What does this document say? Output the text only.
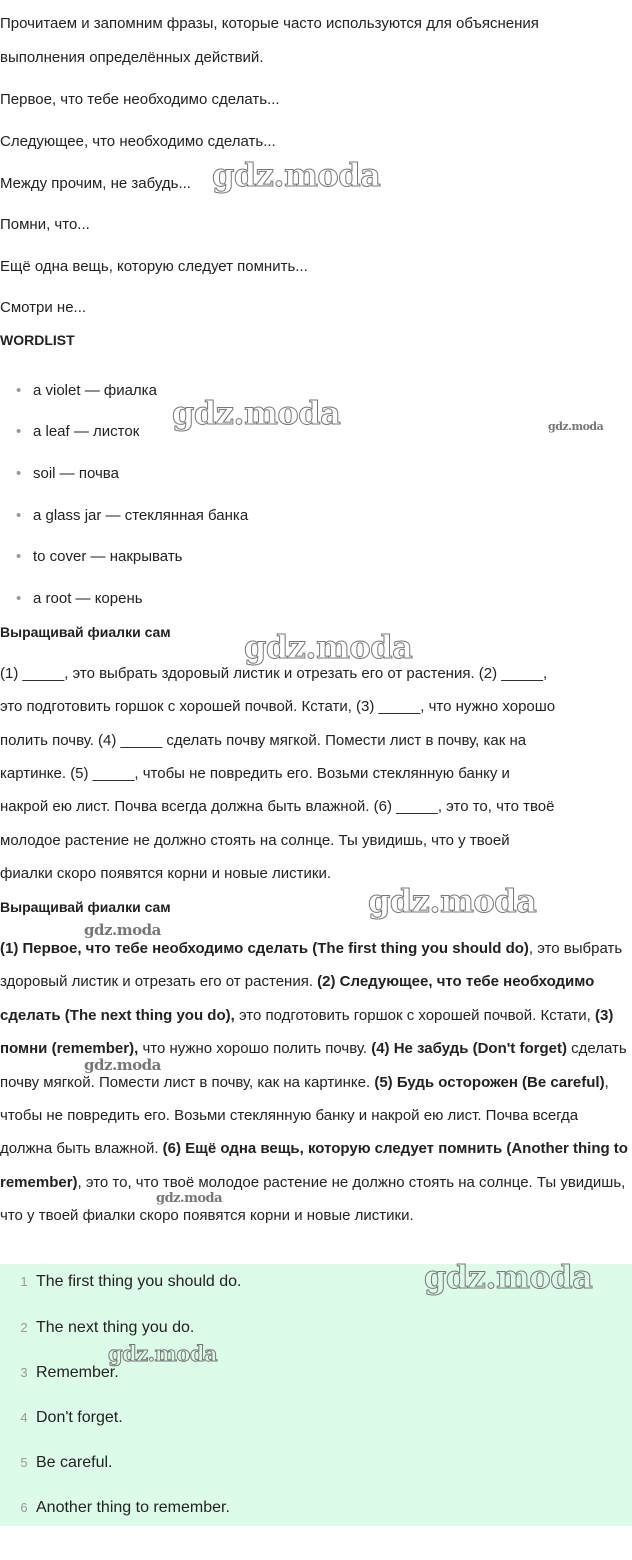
Прочитаем и запомним фразы, которые часто используются для объяснения

выполнения определённых действий.

Первое, что тебе необходимо сделать...

Следующее, что необходимо сделать...

Между прочим, не забудь...

Помни, что...

Ещё одна вещь, которую следует помнить...

Смотри не...

WORDLIST

• a violet — фиалка
• a leaf — листок
• soil — почва
• a glass jar — стеклянная банка
• to cover — накрывать
• a root — корень

Выращивай фиалки сам

(1) _____, это выбрать здоровый листик и отрезать его от растения. (2) _____,

это подготовить горшок с хорошей почвой. Кстати, (3) _____, что нужно хорошо

полить почву. (4) _____ сделать почву мягкой. Помести лист в почву, как на

картинке. (5) _____, чтобы не повредить его. Возьми стеклянную банку и

накрой ею лист. Почва всегда должна быть влажной. (6) _____, это то, что твоё

молодое растение не должно стоять на солнце. Ты увидишь, что у твоей

фиалки скоро появятся корни и новые листики.

Выращивай фиалки сам

(1) Первое, что тебе необходимо сделать (The first thing you should do), это выбрать здоровый листик и отрезать его от растения. (2) Следующее, что тебе необходимо сделать (The next thing you do), это подготовить горшок с хорошей почвой. Кстати, (3) помни (remember), что нужно хорошо полить почву. (4) Не забудь (Don't forget) сделать почву мягкой. Помести лист в почву, как на картинке. (5) Будь осторожен (Be careful), чтобы не повредить его. Возьми стеклянную банку и накрой ею лист. Почва всегда должна быть влажной. (6) Ещё одна вещь, которую следует помнить (Another thing to remember), это то, что твоё молодое растение не должно стоять на солнце. Ты увидишь, что у твоей фиалки скоро появятся корни и новые листики.

1 The first thing you should do.
2 The next thing you do.
3 Remember.
4 Don't forget.
5 Be careful.
6 Another thing to remember.
gdz.moda
gdz.moda	gdz.moda
gdz.moda
gdz.moda
gdz.moda
gdz.moda
gdz.moda
gdz.moda
gdz.moda
